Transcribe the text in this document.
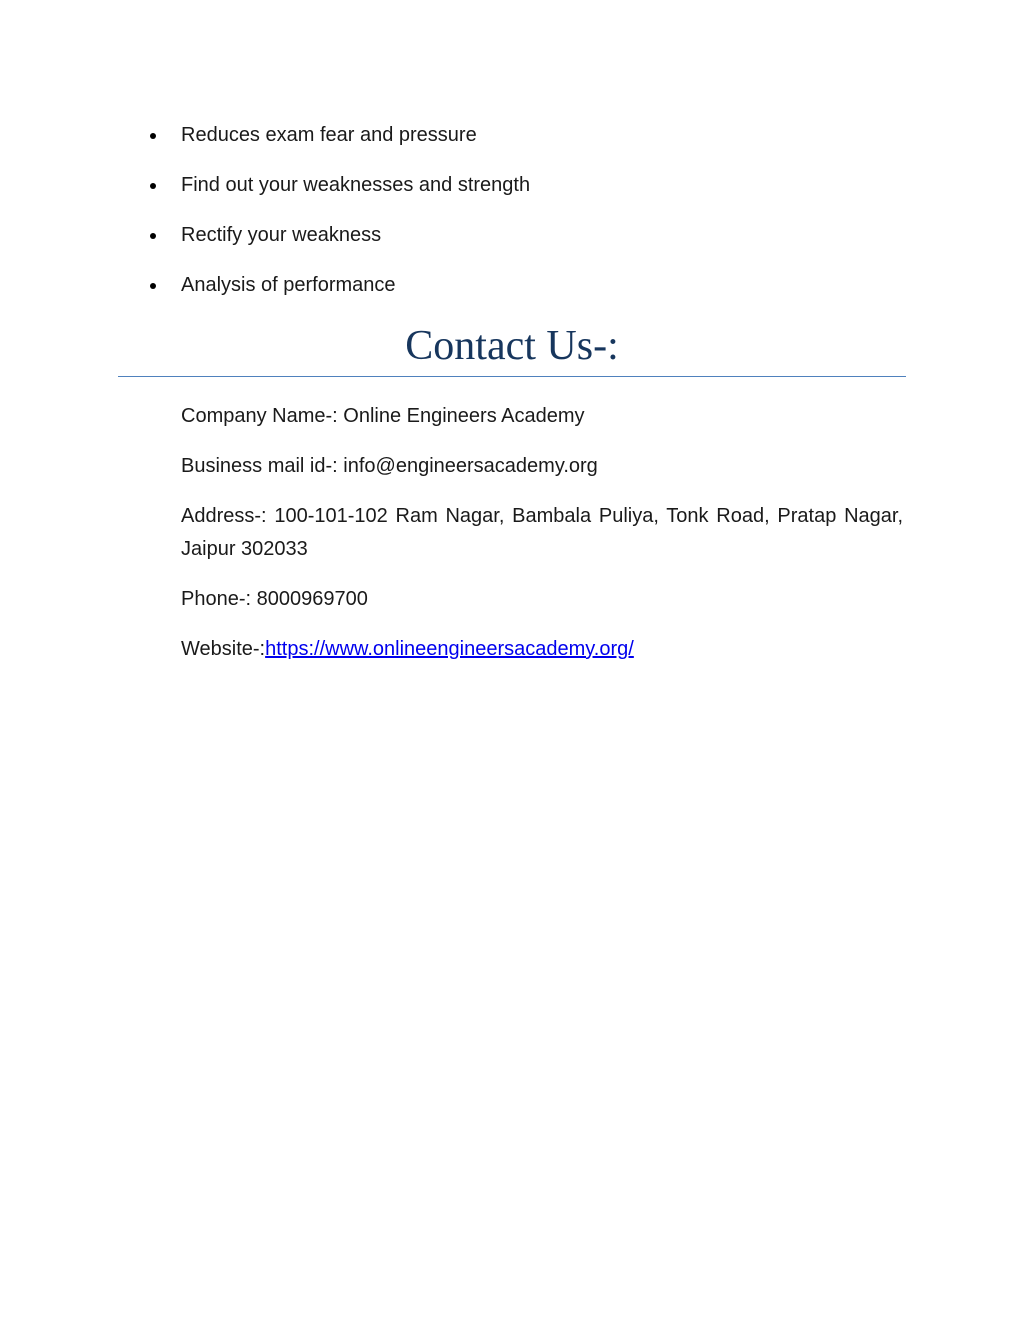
Reduces exam fear and pressure
Find out your weaknesses and strength
Rectify your weakness
Analysis of performance
Contact Us-:

Company Name-: Online Engineers Academy

Business mail id-: info@engineersacademy.org

Address-: 100-101-102 Ram Nagar, Bambala Puliya, Tonk Road, Pratap Nagar, Jaipur 302033

Phone-: 8000969700

Website-:https://www.onlineengineersacademy.org/
